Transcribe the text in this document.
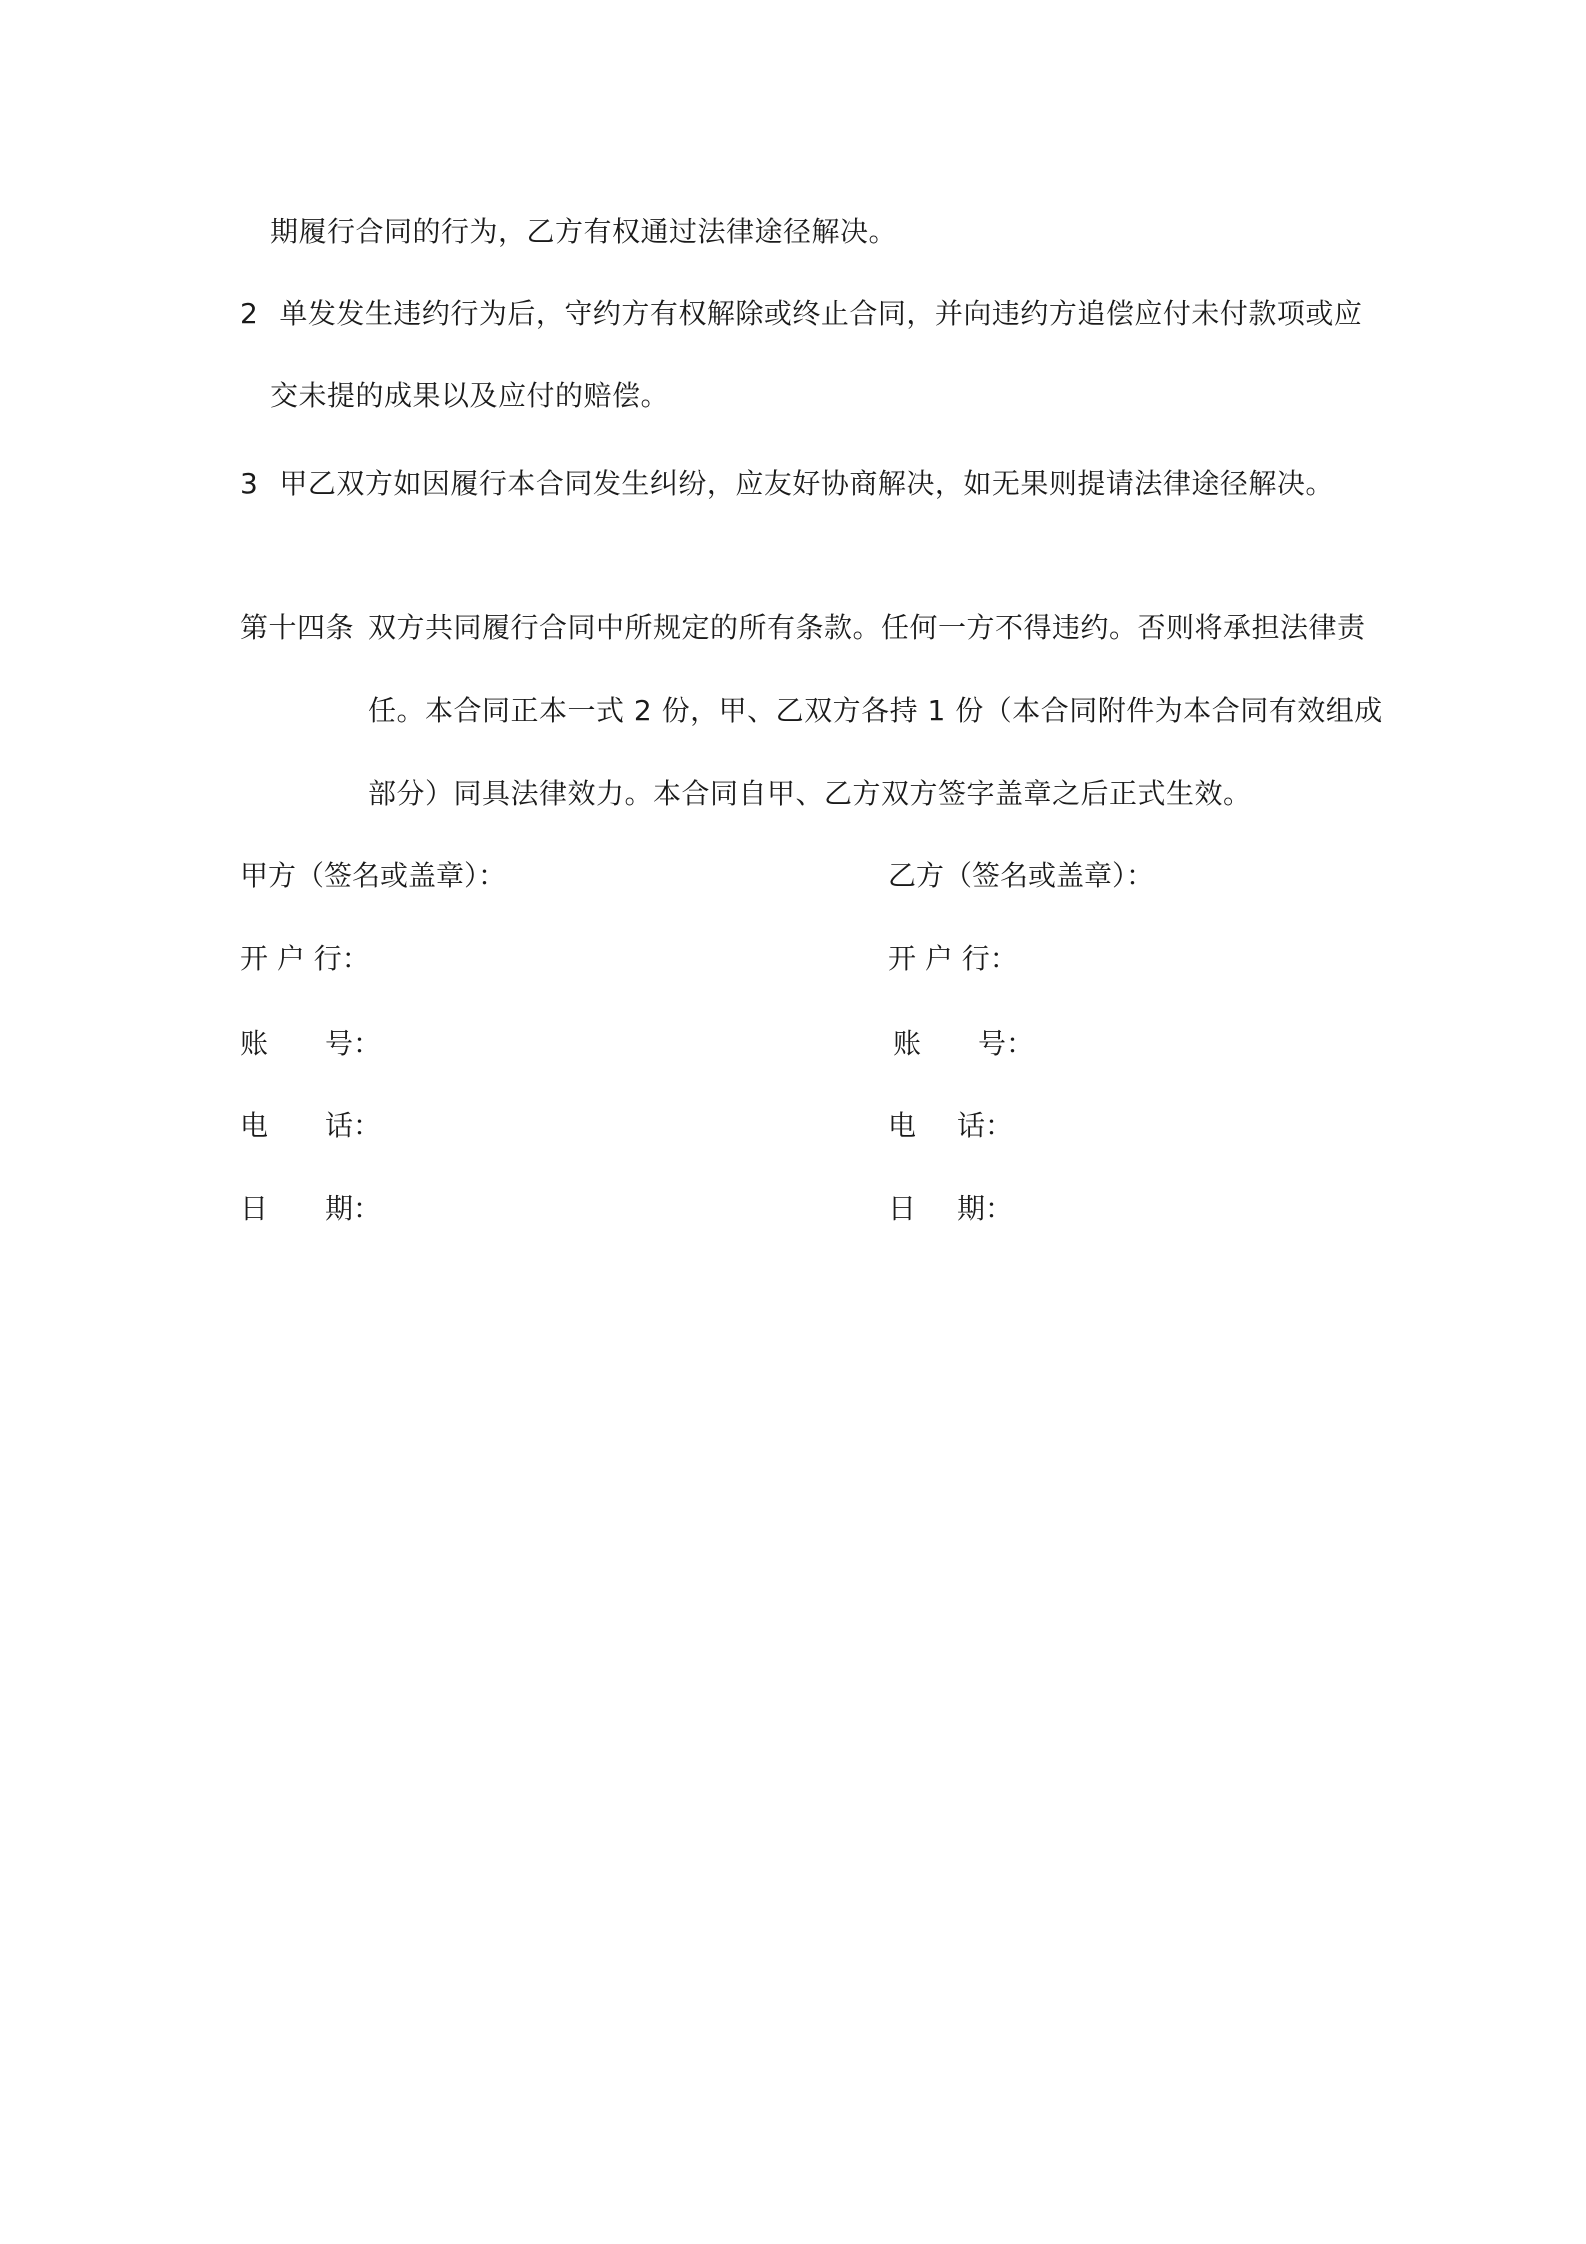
期履行合同的行为，乙方有权通过法律途径解决。
2 单发发生违约行为后，守约方有权解除或终止合同，并向违约方追偿应付未付款项或应
交未提的成果以及应付的赔偿。
3 甲乙双方如因履行本合同发生纠纷，应友好协商解决，如无果则提请法律途径解决。
第十四条 双方共同履行合同中所规定的所有条款。任何一方不得违约。否则将承担法律责
任。本合同正本一式 2 份，甲、乙双方各持 1 份（本合同附件为本合同有效组成
部分）同具法律效力。本合同自甲、乙方双方签字盖章之后正式生效。
甲方（签名或盖章）：
开 户 行：
账 号：
电 话：
日 期：
乙方（签名或盖章）：
开 户 行：
账 号：
电 话：
日 期：
